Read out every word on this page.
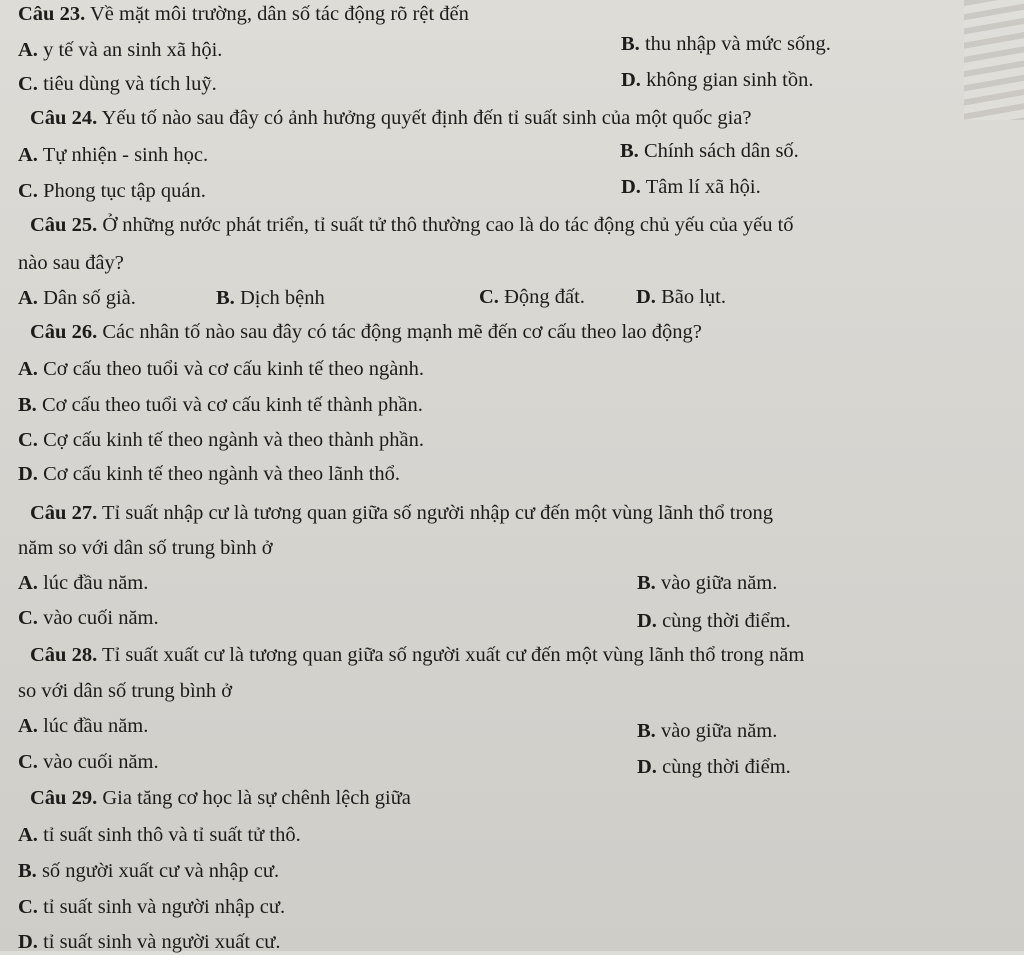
Câu 23. Về mặt môi trường, dân số tác động rõ rệt đến
A. y tế và an sinh xã hội.	B. thu nhập và mức sống.
C. tiêu dùng và tích luỹ.	D. không gian sinh tồn.
Câu 24. Yếu tố nào sau đây có ảnh hưởng quyết định đến tỉ suất sinh của một quốc gia?
A. Tự nhiện - sinh học.	B. Chính sách dân số.
C. Phong tục tập quán.	D. Tâm lí xã hội.
Câu 25. Ở những nước phát triển, tỉ suất tử thô thường cao là do tác động chủ yếu của yếu tố
nào sau đây?
A. Dân số già.	B. Dịch bệnh	C. Động đất. D. Bão lụt.
Câu 26. Các nhân tố nào sau đây có tác động mạnh mẽ đến cơ cấu theo lao động?
A. Cơ cấu theo tuổi và cơ cấu kinh tế theo ngành.
B. Cơ cấu theo tuổi và cơ cấu kinh tế thành phần.
C. Cợ cấu kinh tế theo ngành và theo thành phần.
D. Cơ cấu kinh tế theo ngành và theo lãnh thổ.
Câu 27. Tỉ suất nhập cư là tương quan giữa số người nhập cư đến một vùng lãnh thổ trong
năm so với dân số trung bình ở
A. lúc đầu năm.	B. vào giữa năm.
C. vào cuối năm.	D. cùng thời điểm.
Câu 28. Tỉ suất xuất cư là tương quan giữa số người xuất cư đến một vùng lãnh thổ trong năm
so với dân số trung bình ở
A. lúc đầu năm.	B. vào giữa năm.
C. vào cuối năm.	D. cùng thời điểm.
Câu 29. Gia tăng cơ học là sự chênh lệch giữa
A. tỉ suất sinh thô và tỉ suất tử thô.
B. số người xuất cư và nhập cư.
C. tỉ suất sinh và người nhập cư.
D. tỉ suất sinh và người xuất cư.
